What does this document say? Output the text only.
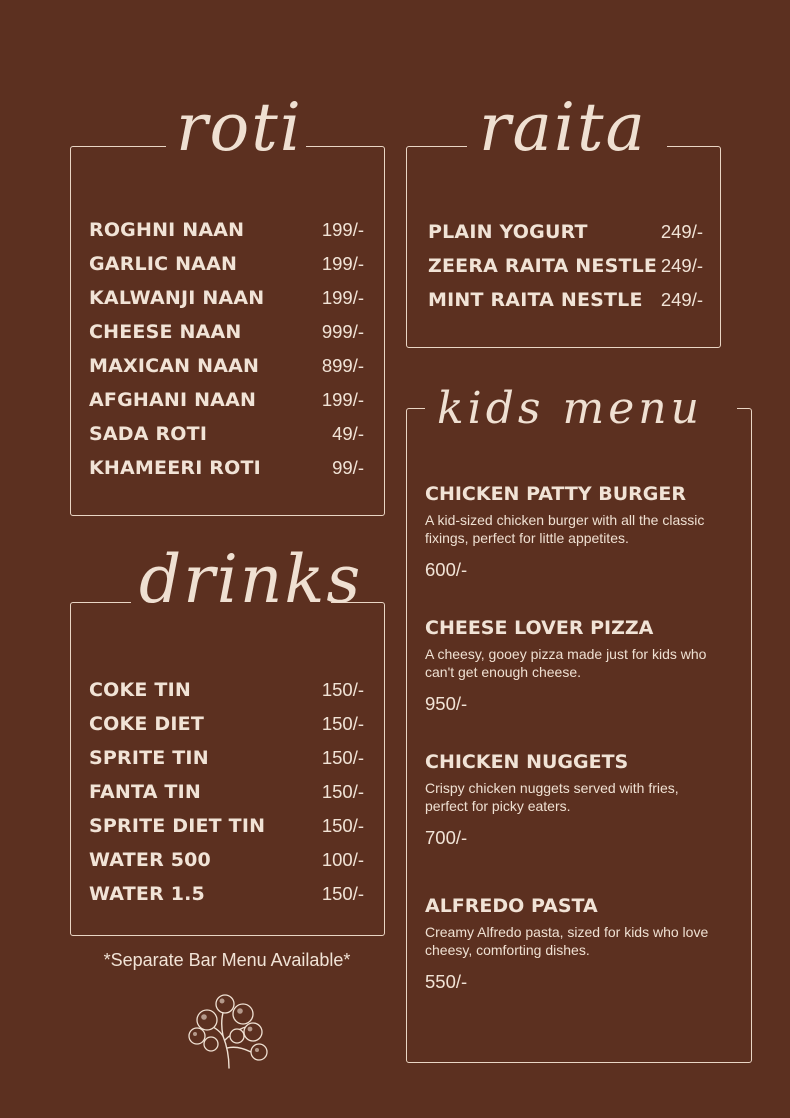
roti
ROGHNI NAAN	199/-
GARLIC NAAN	199/-
KALWANJI NAAN	199/-
CHEESE NAAN	999/-
MAXICAN NAAN	899/-
AFGHANI NAAN	199/-
SADA ROTI	49/-
KHAMEERI ROTI	99/-
raita
PLAIN YOGURT	249/-
ZEERA RAITA NESTLE 249/-
MINT RAITA NESTLE 249/-
drinks
COKE TIN	150/-
COKE DIET	150/-
SPRITE TIN	150/-
FANTA TIN	150/-
SPRITE DIET TIN	150/-
WATER 500	100/-
WATER 1.5	150/-
kids menu
CHICKEN PATTY BURGER
A kid-sized chicken burger with all the classic fixings, perfect for little appetites.
600/-
CHEESE LOVER PIZZA
A cheesy, gooey pizza made just for kids who can't get enough cheese.
950/-
CHICKEN NUGGETS
Crispy chicken nuggets served with fries, perfect for picky eaters.
700/-
ALFREDO PASTA
Creamy Alfredo pasta, sized for kids who love cheesy, comforting dishes.
550/-
*Separate Bar Menu Available*
